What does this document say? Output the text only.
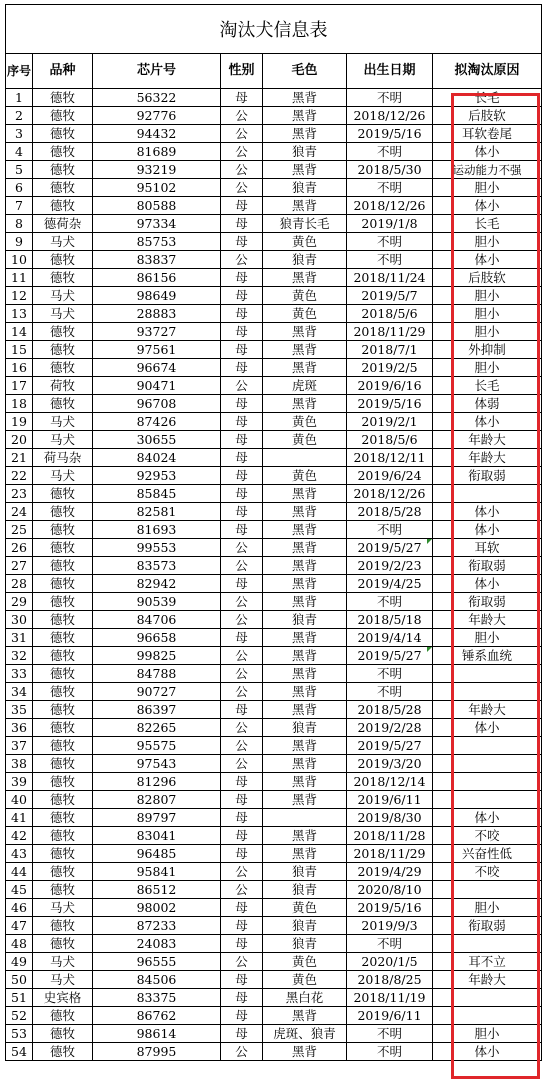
淘汰犬信息表						
序号	品种	芯片号	性别	毛色	出生日期	拟淘汰原因
1	德牧	56322	母	黑背	不明	长毛
2	德牧	92776	公	黑背	2018/12/26	后肢软
3	德牧	94432	公	黑背	2019/5/16	耳软卷尾
4	德牧	81689	公	狼青	不明	体小
5	德牧	93219	公	黑背	2018/5/30	运动能力不强
6	德牧	95102	公	狼青	不明	胆小
7	德牧	80588	母	黑背	2018/12/26	体小
8	德荷杂	97334	母	狼青长毛	2019/1/8	长毛
9	马犬	85753	母	黄色	不明	胆小
10	德牧	83837	公	狼青	不明	体小
11	德牧	86156	母	黑背	2018/11/24	后肢软
12	马犬	98649	母	黄色	2019/5/7	胆小
13	马犬	28883	母	黄色	2018/5/6	胆小
14	德牧	93727	母	黑背	2018/11/29	胆小
15	德牧	97561	母	黑背	2018/7/1	外抑制
16	德牧	96674	母	黑背	2019/2/5	胆小
17	荷牧	90471	公	虎斑	2019/6/16	长毛
18	德牧	96708	母	黑背	2019/5/16	体弱
19	马犬	87426	母	黄色	2019/2/1	体小
20	马犬	30655	母	黄色	2018/5/6	年龄大
21	荷马杂	84024	母		2018/12/11	年龄大
22	马犬	92953	母	黄色	2019/6/24	衔取弱
23	德牧	85845	母	黑背	2018/12/26	
24	德牧	82581	母	黑背	2018/5/28	体小
25	德牧	81693	母	黑背	不明	体小
26	德牧	99553	公	黑背	2019/5/27	耳软
27	德牧	83573	公	黑背	2019/2/23	衔取弱
28	德牧	82942	母	黑背	2019/4/25	体小
29	德牧	90539	公	黑背	不明	衔取弱
30	德牧	84706	公	狼青	2018/5/18	年龄大
31	德牧	96658	母	黑背	2019/4/14	胆小
32	德牧	99825	公	黑背	2019/5/27	锤系血统
33	德牧	84788	公	黑背	不明	
34	德牧	90727	公	黑背	不明	
35	德牧	86397	母	黑背	2018/5/28	年龄大
36	德牧	82265	公	狼青	2019/2/28	体小
37	德牧	95575	公	黑背	2019/5/27	
38	德牧	97543	公	黑背	2019/3/20	
39	德牧	81296	母	黑背	2018/12/14	
40	德牧	82807	母	黑背	2019/6/11	
41	德牧	89797	母		2019/8/30	体小
42	德牧	83041	母	黑背	2018/11/28	不咬
43	德牧	96485	母	黑背	2018/11/29	兴奋性低
44	德牧	95841	公	狼青	2019/4/29	不咬
45	德牧	86512	公	狼青	2020/8/10	
46	马犬	98002	母	黄色	2019/5/16	胆小
47	德牧	87233	母	狼青	2019/9/3	衔取弱
48	德牧	24083	母	狼青	不明	
49	马犬	96555	公	黄色	2020/1/5	耳不立
50	马犬	84506	母	黄色	2018/8/25	年龄大
51	史宾格	83375	母	黑白花	2018/11/19	
52	德牧	86762	母	黑背	2019/6/11	
53	德牧	98614	母	虎斑、狼青	不明	胆小
54	德牧	87995	公	黑背	不明	体小
